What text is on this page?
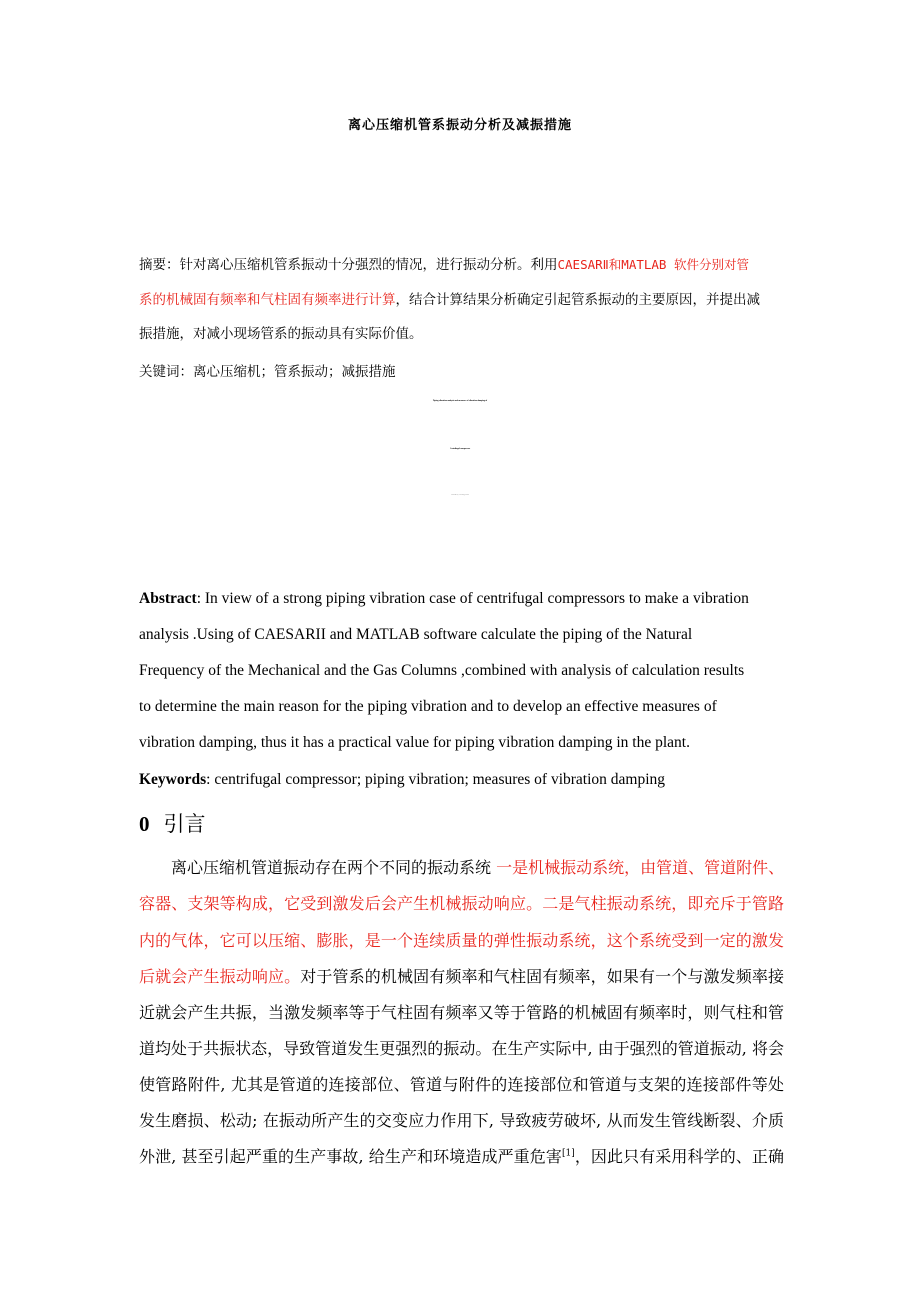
离心压缩机管系振动分析及减振措施
摘要：针对离心压缩机管系振动十分强烈的情况，进行振动分析。利用CAESARⅡ和MATLAB 软件分别对管
系的机械固有频率和气柱固有频率进行计算，结合计算结果分析确定引起管系振动的主要原因，并提出减
振措施，对减小现场管系的振动具有实际价值。
关键词：离心压缩机；管系振动；减振措施
Piping vibration analysis and measures of vibration damping of
Centrifugal compressor
SONG Xiao-Hui, FAN De-Shun, QIAO Jian
Abstract: In view of a strong piping vibration case of centrifugal compressors to make a vibration
analysis .Using of CAESARII and MATLAB software calculate the piping of the Natural
Frequency of the Mechanical and the Gas Columns ,combined with analysis of calculation results
to determine the main reason for the piping vibration and to develop an effective measures of
vibration damping, thus it has a practical value for piping vibration damping in the plant.
Keywords: centrifugal compressor; piping vibration; measures of vibration damping
0 引言
离心压缩机管道振动存在两个不同的振动系统 一是机械振动系统，由管道、管道附件、
容器、支架等构成，它受到激发后会产生机械振动响应。二是气柱振动系统，即充斥于管路
内的气体，它可以压缩、膨胀，是一个连续质量的弹性振动系统，这个系统受到一定的激发
后就会产生振动响应。对于管系的机械固有频率和气柱固有频率，如果有一个与激发频率接
近就会产生共振，当激发频率等于气柱固有频率又等于管路的机械固有频率时，则气柱和管
道均处于共振状态，导致管道发生更强烈的振动。在生产实际中, 由于强烈的管道振动, 将会
使管路附件, 尤其是管道的连接部位、管道与附件的连接部位和管道与支架的连接部件等处
发生磨损、松动; 在振动所产生的交变应力作用下, 导致疲劳破坏, 从而发生管线断裂、介质
外泄, 甚至引起严重的生产事故, 给生产和环境造成严重危害[1]，因此只有采用科学的、正确
